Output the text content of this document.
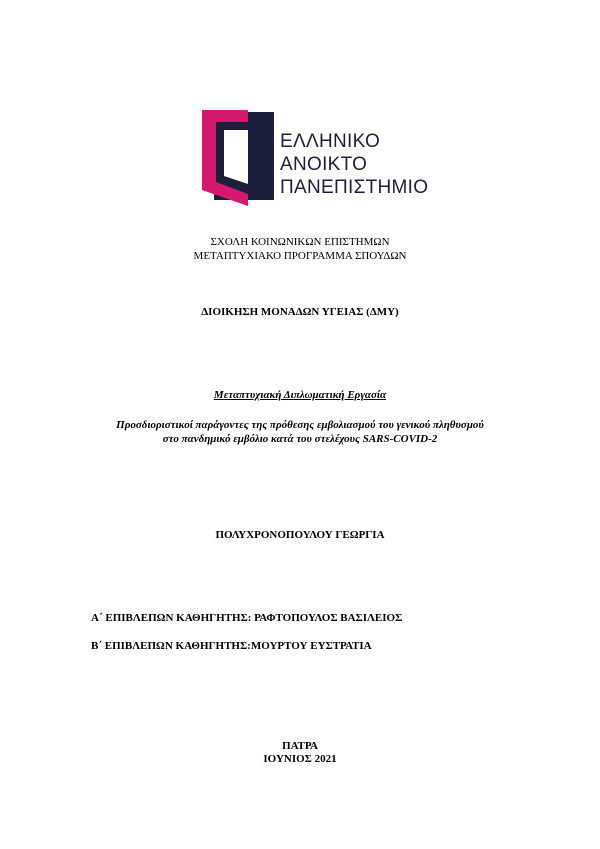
ΕΛΛΗΝΙΚΟ
ΑΝΟΙΚΤΟ
ΠΑΝΕΠΙΣΤΗΜΙΟ
ΣΧΟΛΗ ΚΟΙΝΩΝΙΚΩΝ ΕΠΙΣΤΗΜΩΝ
ΜΕΤΑΠΤΥΧΙΑΚΟ ΠΡΟΓΡΑΜΜΑ ΣΠΟΥΔΩΝ
ΔΙΟΙΚΗΣΗ ΜΟΝΑΔΩΝ ΥΓΕΙΑΣ (ΔΜΥ)
Μεταπτυχιακή Διπλωματική Εργασία
Προσδιοριστικοί παράγοντες της πρόθεσης εμβολιασμού του γενικού πληθυσμού
στο πανδημικό εμβόλιο κατά του στελέχους SARS-COVID-2
ΠΟΛΥΧΡΟΝΟΠΟΥΛΟΥ ΓΕΩΡΓΙΑ
Α΄ ΕΠΙΒΛΕΠΩΝ ΚΑΘΗΓΗΤΗΣ: ΡΑΦΤΟΠΟΥΛΟΣ ΒΑΣΙΛΕΙΟΣ
Β΄ ΕΠΙΒΛΕΠΩΝ ΚΑΘΗΓΗΤΗΣ:ΜΟΥΡΤΟΥ ΕΥΣΤΡΑΤΙΑ
ΠΑΤΡΑ
ΙΟΥΝΙΟΣ 2021
